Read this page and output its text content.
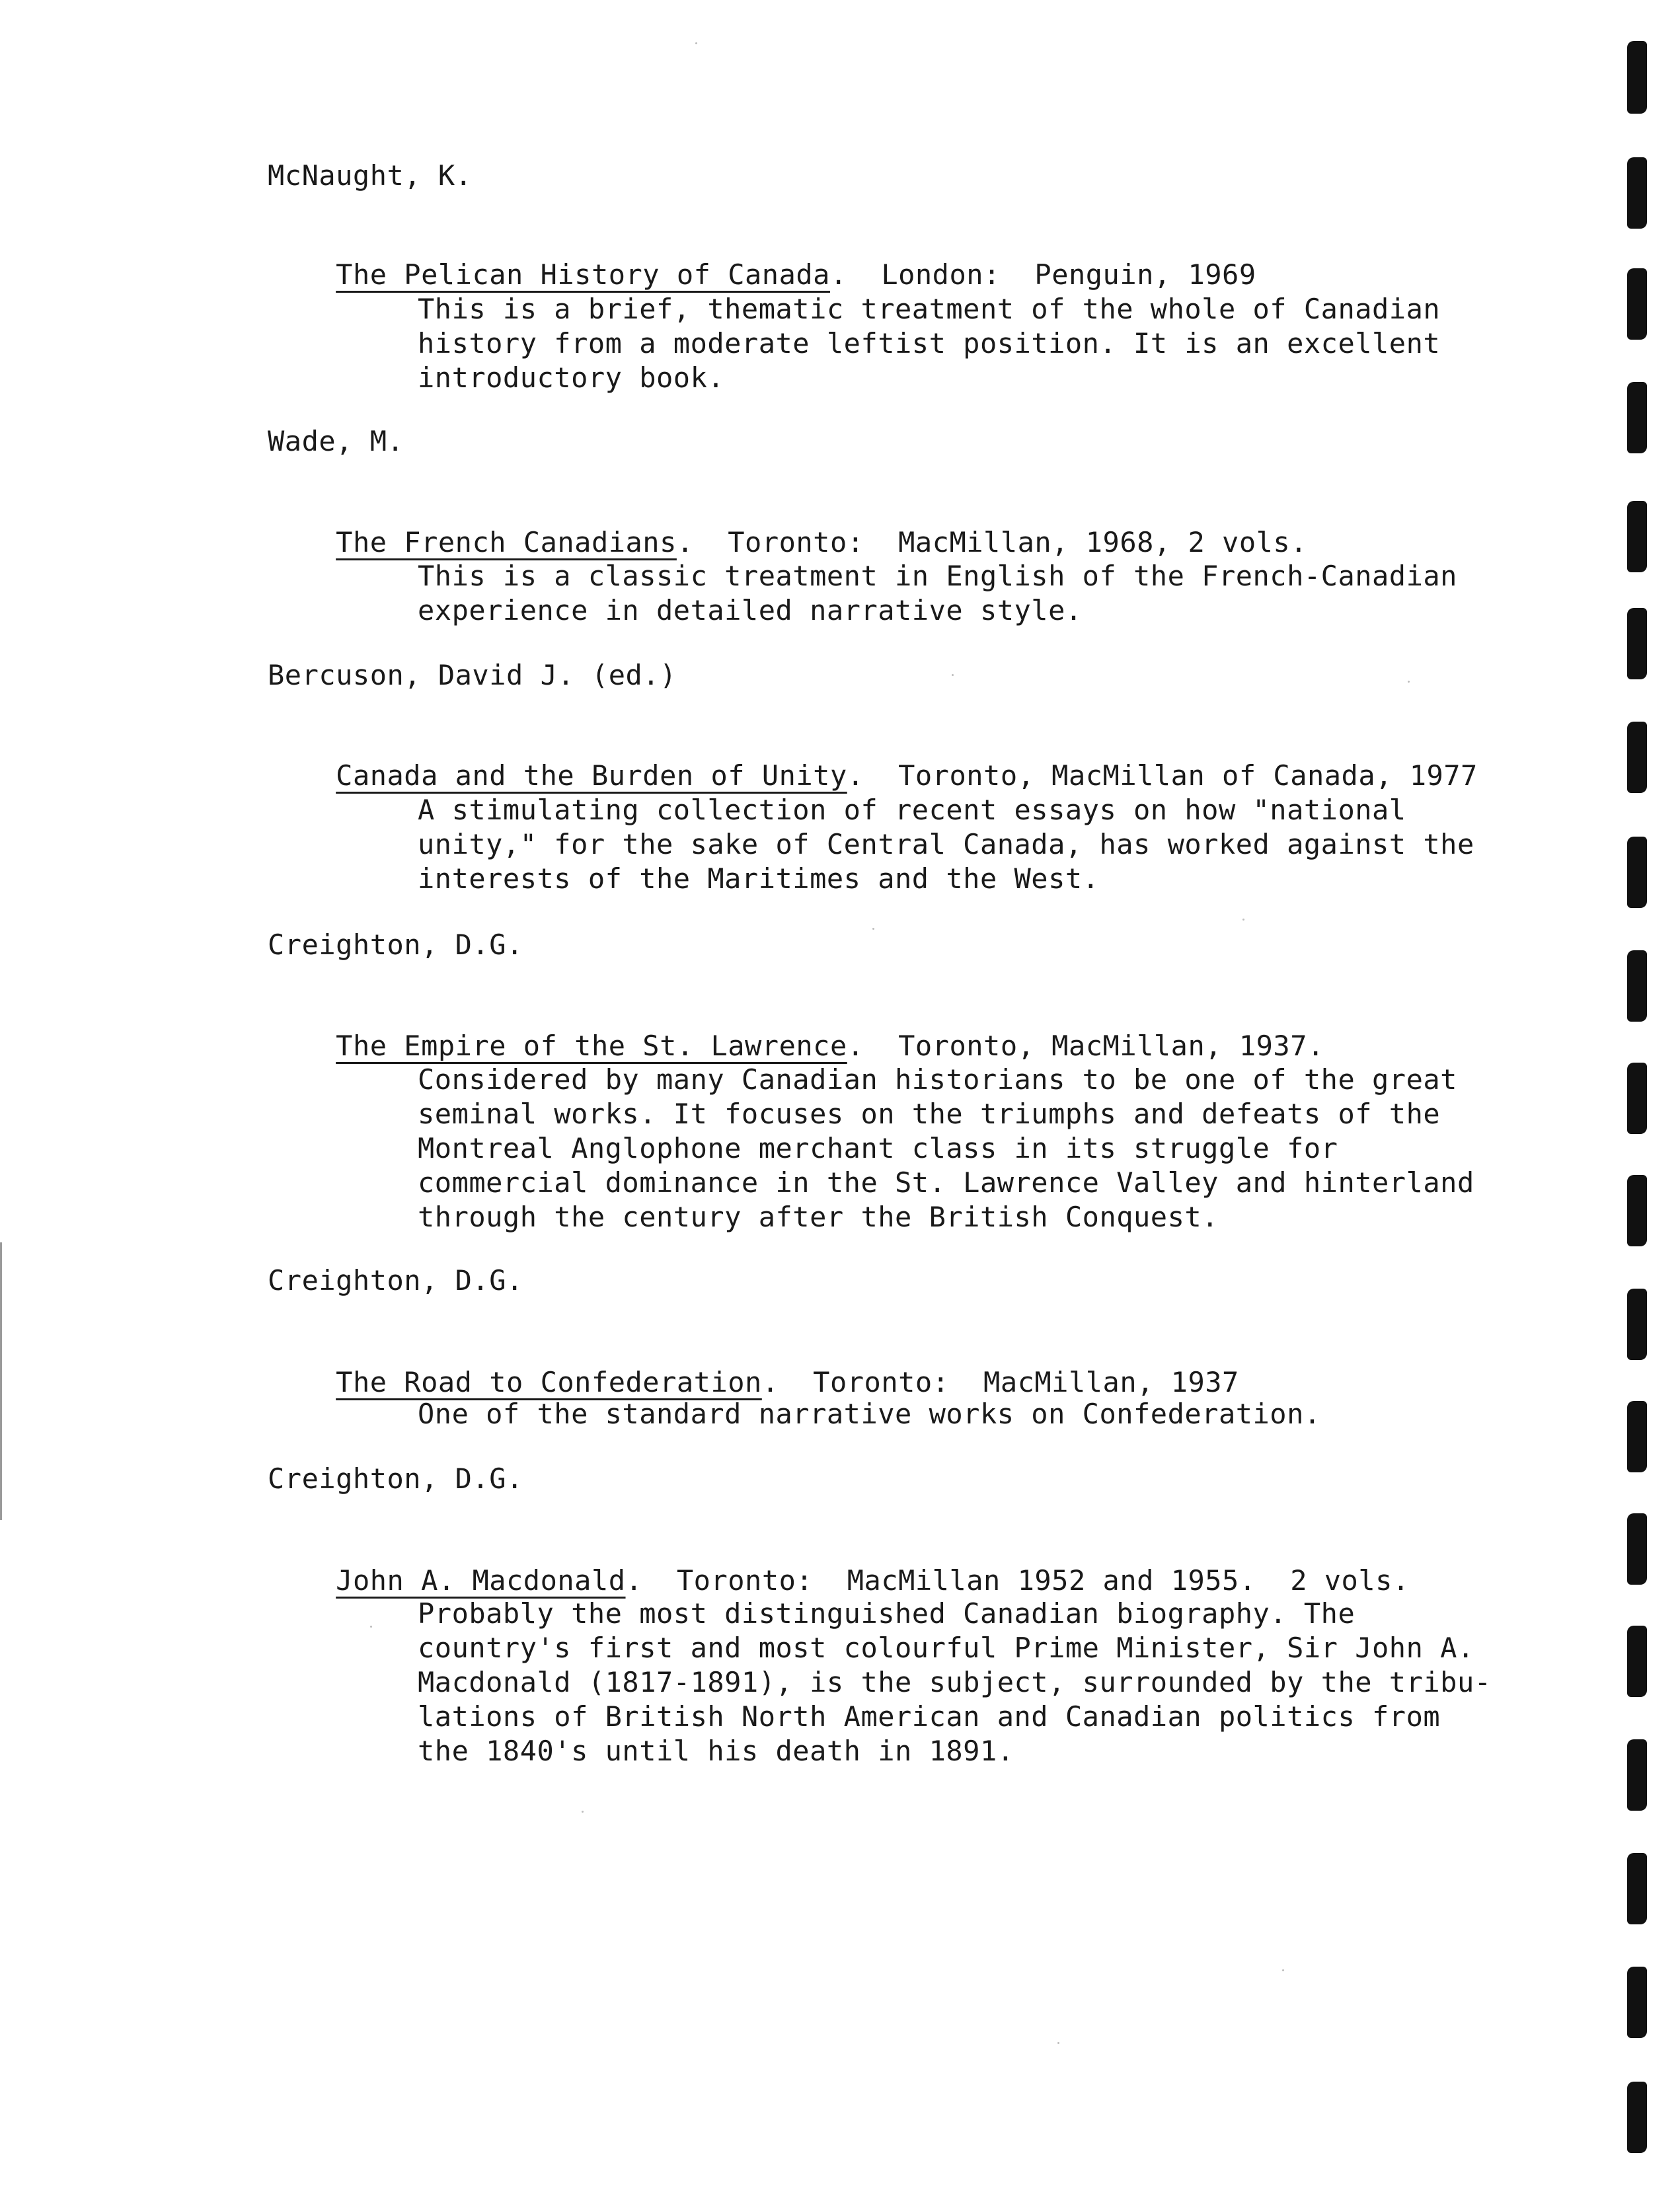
McNaught, K.

The Pelican History of Canada.  London:  Penguin, 1969

This is a brief, thematic treatment of the whole of Canadian
history from a moderate leftist position. It is an excellent
introductory book.
Wade, M.

The French Canadians.  Toronto:  MacMillan, 1968, 2 vols.

This is a classic treatment in English of the French-Canadian
experience in detailed narrative style.
Bercuson, David J. (ed.)

Canada and the Burden of Unity.  Toronto, MacMillan of Canada, 1977

A stimulating collection of recent essays on how "national
unity," for the sake of Central Canada, has worked against the
interests of the Maritimes and the West.
Creighton, D.G.

The Empire of the St. Lawrence.  Toronto, MacMillan, 1937.

Considered by many Canadian historians to be one of the great
seminal works. It focuses on the triumphs and defeats of the
Montreal Anglophone merchant class in its struggle for
commercial dominance in the St. Lawrence Valley and hinterland
through the century after the British Conquest.
Creighton, D.G.

The Road to Confederation.  Toronto:  MacMillan, 1937

One of the standard narrative works on Confederation.
Creighton, D.G.

John A. Macdonald.  Toronto:  MacMillan 1952 and 1955.  2 vols.

Probably the most distinguished Canadian biography. The
country's first and most colourful Prime Minister, Sir John A.
Macdonald (1817-1891), is the subject, surrounded by the tribu-
lations of British North American and Canadian politics from
the 1840's until his death in 1891.
